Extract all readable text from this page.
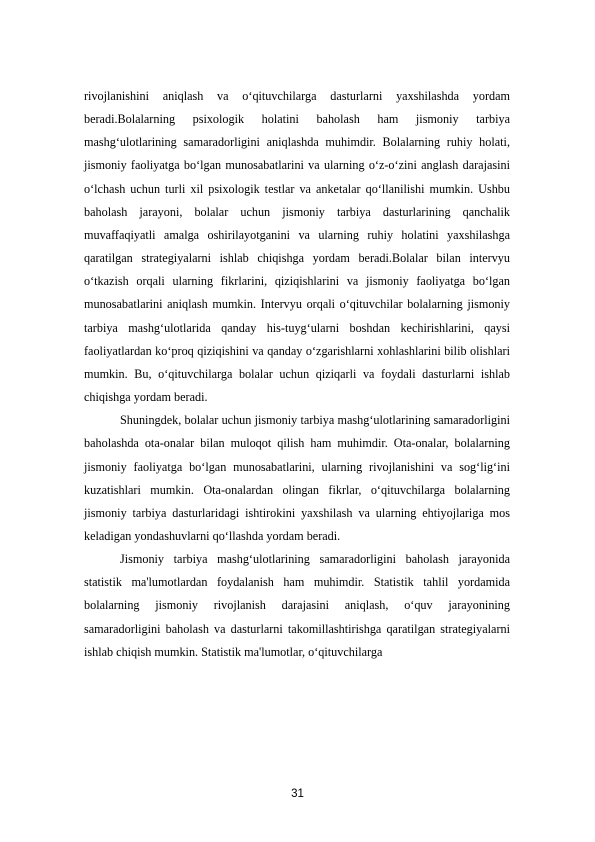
rivojlanishini aniqlash va o‘qituvchilarga dasturlarni yaxshilashda yordam beradi.Bolalarning psixologik holatini baholash ham jismoniy tarbiya mashg‘ulotlarining samaradorligini aniqlashda muhimdir. Bolalarning ruhiy holati, jismoniy faoliyatga bo‘lgan munosabatlarini va ularning o‘z-o‘zini anglash darajasini o‘lchash uchun turli xil psixologik testlar va anketalar qo‘llanilishi mumkin. Ushbu baholash jarayoni, bolalar uchun jismoniy tarbiya dasturlarining qanchalik muvaffaqiyatli amalga oshirilayotganini va ularning ruhiy holatini yaxshilashga qaratilgan strategiyalarni ishlab chiqishga yordam beradi.Bolalar bilan intervyu o‘tkazish orqali ularning fikrlarini, qiziqishlarini va jismoniy faoliyatga bo‘lgan munosabatlarini aniqlash mumkin. Intervyu orqali o‘qituvchilar bolalarning jismoniy tarbiya mashg‘ulotlarida qanday his-tuyg‘ularni boshdan kechirishlarini, qaysi faoliyatlardan ko‘proq qiziqishini va qanday o‘zgarishlarni xohlashlarini bilib olishlari mumkin. Bu, o‘qituvchilarga bolalar uchun qiziqarli va foydali dasturlarni ishlab chiqishga yordam beradi.

Shuningdek, bolalar uchun jismoniy tarbiya mashg‘ulotlarining samaradorligini baholashda ota-onalar bilan muloqot qilish ham muhimdir. Ota-onalar, bolalarning jismoniy faoliyatga bo‘lgan munosabatlarini, ularning rivojlanishini va sog‘lig‘ini kuzatishlari mumkin. Ota-onalardan olingan fikrlar, o‘qituvchilarga bolalarning jismoniy tarbiya dasturlaridagi ishtirokini yaxshilash va ularning ehtiyojlariga mos keladigan yondashuvlarni qo‘llashda yordam beradi.

Jismoniy tarbiya mashg‘ulotlarining samaradorligini baholash jarayonida statistik ma'lumotlardan foydalanish ham muhimdir. Statistik tahlil yordamida bolalarning jismoniy rivojlanish darajasini aniqlash, o‘quv jarayonining samaradorligini baholash va dasturlarni takomillashtirishga qaratilgan strategiyalarni ishlab chiqish mumkin. Statistik ma'lumotlar, o‘qituvchilarga

31
